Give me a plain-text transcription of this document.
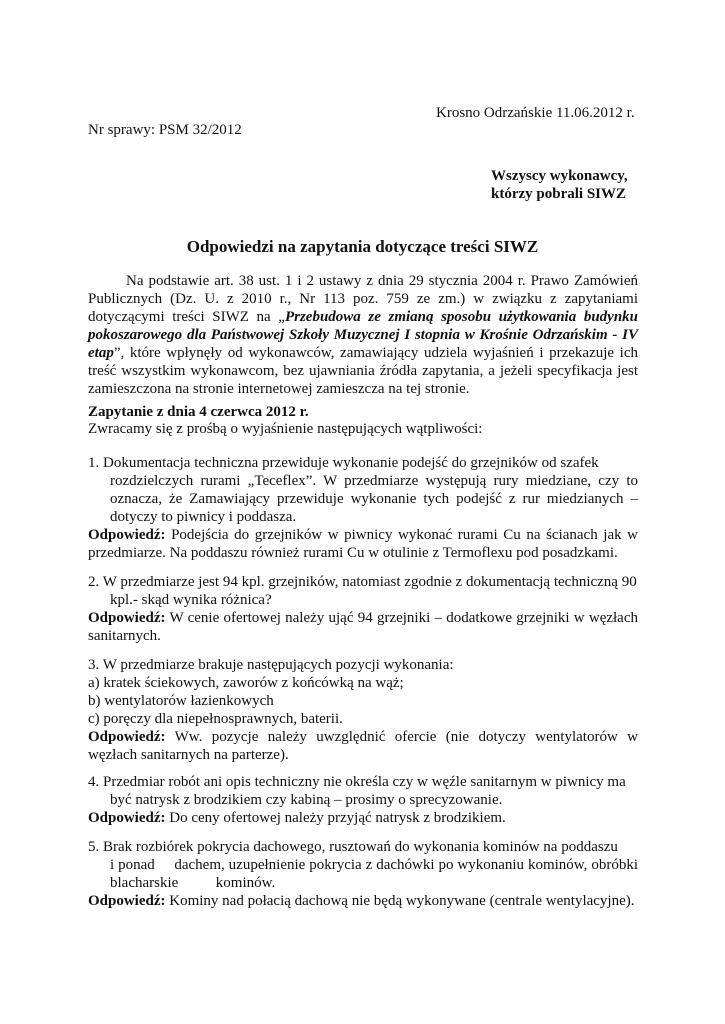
Krosno Odrzańskie 11.06.2012 r.
Nr sprawy: PSM 32/2012
Wszyscy wykonawcy,
którzy pobrali SIWZ
Odpowiedzi na zapytania dotyczące treści SIWZ
Na podstawie art. 38 ust. 1 i 2 ustawy z dnia 29 stycznia 2004 r. Prawo Zamówień Publicznych (Dz. U. z 2010 r., Nr 113 poz. 759 ze zm.) w związku z zapytaniami dotyczącymi treści SIWZ na „Przebudowa ze zmianą sposobu użytkowania budynku pokoszarowego dla Państwowej Szkoły Muzycznej I stopnia w Krośnie Odrzańskim - IV etap”, które wpłynęły od wykonawców, zamawiający udziela wyjaśnień i przekazuje ich treść wszystkim wykonawcom, bez ujawniania źródła zapytania, a jeżeli specyfikacja jest zamieszczona na stronie internetowej zamieszcza na tej stronie.
Zapytanie z dnia 4 czerwca 2012 r.
Zwracamy się z prośbą o wyjaśnienie następujących wątpliwości:
1. Dokumentacja techniczna przewiduje wykonanie podejść do grzejników od szafek
rozdzielczych rurami „Teceflex”. W przedmiarze występują rury miedziane, czy to oznacza, że Zamawiający przewiduje wykonanie tych podejść z rur miedzianych – dotyczy to piwnicy i poddasza.
Odpowiedź: Podejścia do grzejników w piwnicy wykonać rurami Cu na ścianach jak w przedmiarze. Na poddaszu również rurami Cu w otulinie z Termoflexu pod posadzkami.
2. W przedmiarze jest 94 kpl. grzejników, natomiast zgodnie z dokumentacją techniczną 90
kpl.- skąd wynika różnica?
Odpowiedź: W cenie ofertowej należy ująć 94 grzejniki – dodatkowe grzejniki w węzłach sanitarnych.
3. W przedmiarze brakuje następujących pozycji wykonania:
a) kratek ściekowych, zaworów z końcówką na wąż;
b) wentylatorów łazienkowych
c) poręczy dla niepełnosprawnych, baterii.
Odpowiedź: Ww. pozycje należy uwzględnić ofercie (nie dotyczy wentylatorów w węzłach sanitarnych na parterze).
4. Przedmiar robót ani opis techniczny nie określa czy w węźle sanitarnym w piwnicy ma
być natrysk z brodzikiem czy kabiną – prosimy o sprecyzowanie.
Odpowiedź: Do ceny ofertowej należy przyjąć natrysk z brodzikiem.
5. Brak rozbiórek pokrycia dachowego, rusztowań do wykonania kominów na poddaszu
i ponad     dachem, uzupełnienie pokrycia z dachówki po wykonaniu kominów, obróbki blacharskie          kominów.
Odpowiedź: Kominy nad połacią dachową nie będą wykonywane (centrale wentylacyjne).
